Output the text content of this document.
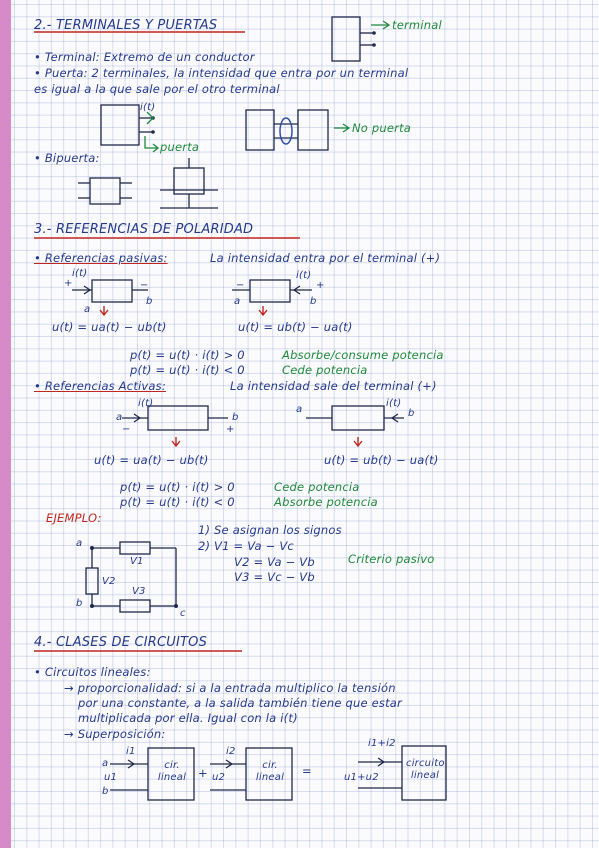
2.- TERMINALES Y PUERTAS	terminal
• Terminal: Extremo de un conductor
• Puerta: 2 terminales, la intensidad que entra por un terminal
es igual a la que sale por el otro terminal
i(t)
puerta
No puerta
• Bipuerta:
3.- REFERENCIAS DE POLARIDAD
• Referencias pasivas:	La intensidad entra por el terminal (+)
+
i(t)
−
a
b
i(t)
−	+
a	b
u(t) = ua(t) − ub(t)	u(t) = ub(t) − ua(t)
p(t) = u(t) · i(t) > 0	Absorbe/consume potencia
p(t) = u(t) · i(t) < 0	Cede potencia
• Referencias Activas:	La intensidad sale del terminal (+)
i(t)
a	b
−	+
i(t)
a	b
u(t) = ua(t) − ub(t)	u(t) = ub(t) − ua(t)
p(t) = u(t) · i(t) > 0	Cede potencia
p(t) = u(t) · i(t) < 0	Absorbe potencia
EJEMPLO:
a
b
c
V1
V2
V3
1) Se asignan los signos
2) V1 = Va − Vc
V2 = Va − Vb	Criterio pasivo
V3 = Vc − Vb
4.- CLASES DE CIRCUITOS
• Circuitos lineales:
→ proporcionalidad: si a la entrada multiplico la tensión
por una constante, a la salida también tiene que estar
multiplicada por ella. Igual con la i(t)
→ Superposición:
i1
a
u1
b
cir. lineal	+
i2
u2
cir. lineal	=
i1+i2
u1+u2
circuito lineal
